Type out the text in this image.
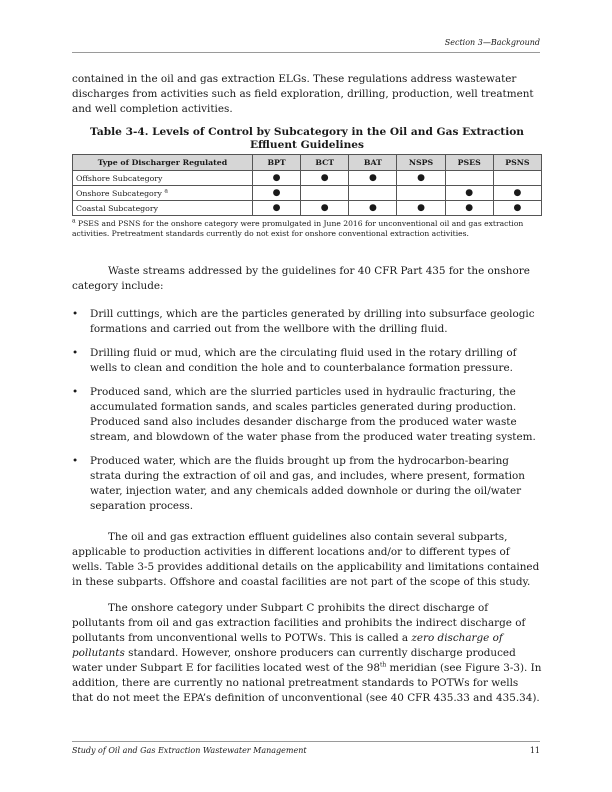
Section 3—Background

contained in the oil and gas extraction ELGs. These regulations address wastewater discharges from activities such as field exploration, drilling, production, well treatment and well completion activities.

Table 3-4. Levels of Control by Subcategory in the Oil and Gas Extraction Effluent Guidelines
Type of Discharger Regulated	BPT	BCT	BAT	NSPS	PSES	PSNS
Offshore Subcategory	●	●	●	●		
Onshore Subcategory $^a$	●				●	●
Coastal Subcategory	●	●	●	●	●	●

$^a$ PSES and PSNS for the onshore category were promulgated in June 2016 for unconventional oil and gas extraction activities. Pretreatment standards currently do not exist for onshore conventional extraction activities.

Waste streams addressed by the guidelines for 40 CFR Part 435 for the onshore category include:

• Drill cuttings, which are the particles generated by drilling into subsurface geologic formations and carried out from the wellbore with the drilling fluid.
• Drilling fluid or mud, which are the circulating fluid used in the rotary drilling of wells to clean and condition the hole and to counterbalance formation pressure.
• Produced sand, which are the slurried particles used in hydraulic fracturing, the accumulated formation sands, and scales particles generated during production. Produced sand also includes desander discharge from the produced water waste stream, and blowdown of the water phase from the produced water treating system.
• Produced water, which are the fluids brought up from the hydrocarbon-bearing strata during the extraction of oil and gas, and includes, where present, formation water, injection water, and any chemicals added downhole or during the oil/water separation process.

The oil and gas extraction effluent guidelines also contain several subparts, applicable to production activities in different locations and/or to different types of wells. Table 3-5 provides additional details on the applicability and limitations contained in these subparts. Offshore and coastal facilities are not part of the scope of this study.

The onshore category under Subpart C prohibits the direct discharge of pollutants from oil and gas extraction facilities and prohibits the indirect discharge of pollutants from unconventional wells to POTWs. This is called a zero discharge of pollutants standard. However, onshore producers can currently discharge produced water under Subpart E for facilities located west of the 98th meridian (see Figure 3-3). In addition, there are currently no national pretreatment standards to POTWs for wells that do not meet the EPA’s definition of unconventional (see 40 CFR 435.33 and 435.34).

Study of Oil and Gas Extraction Wastewater Management	11
